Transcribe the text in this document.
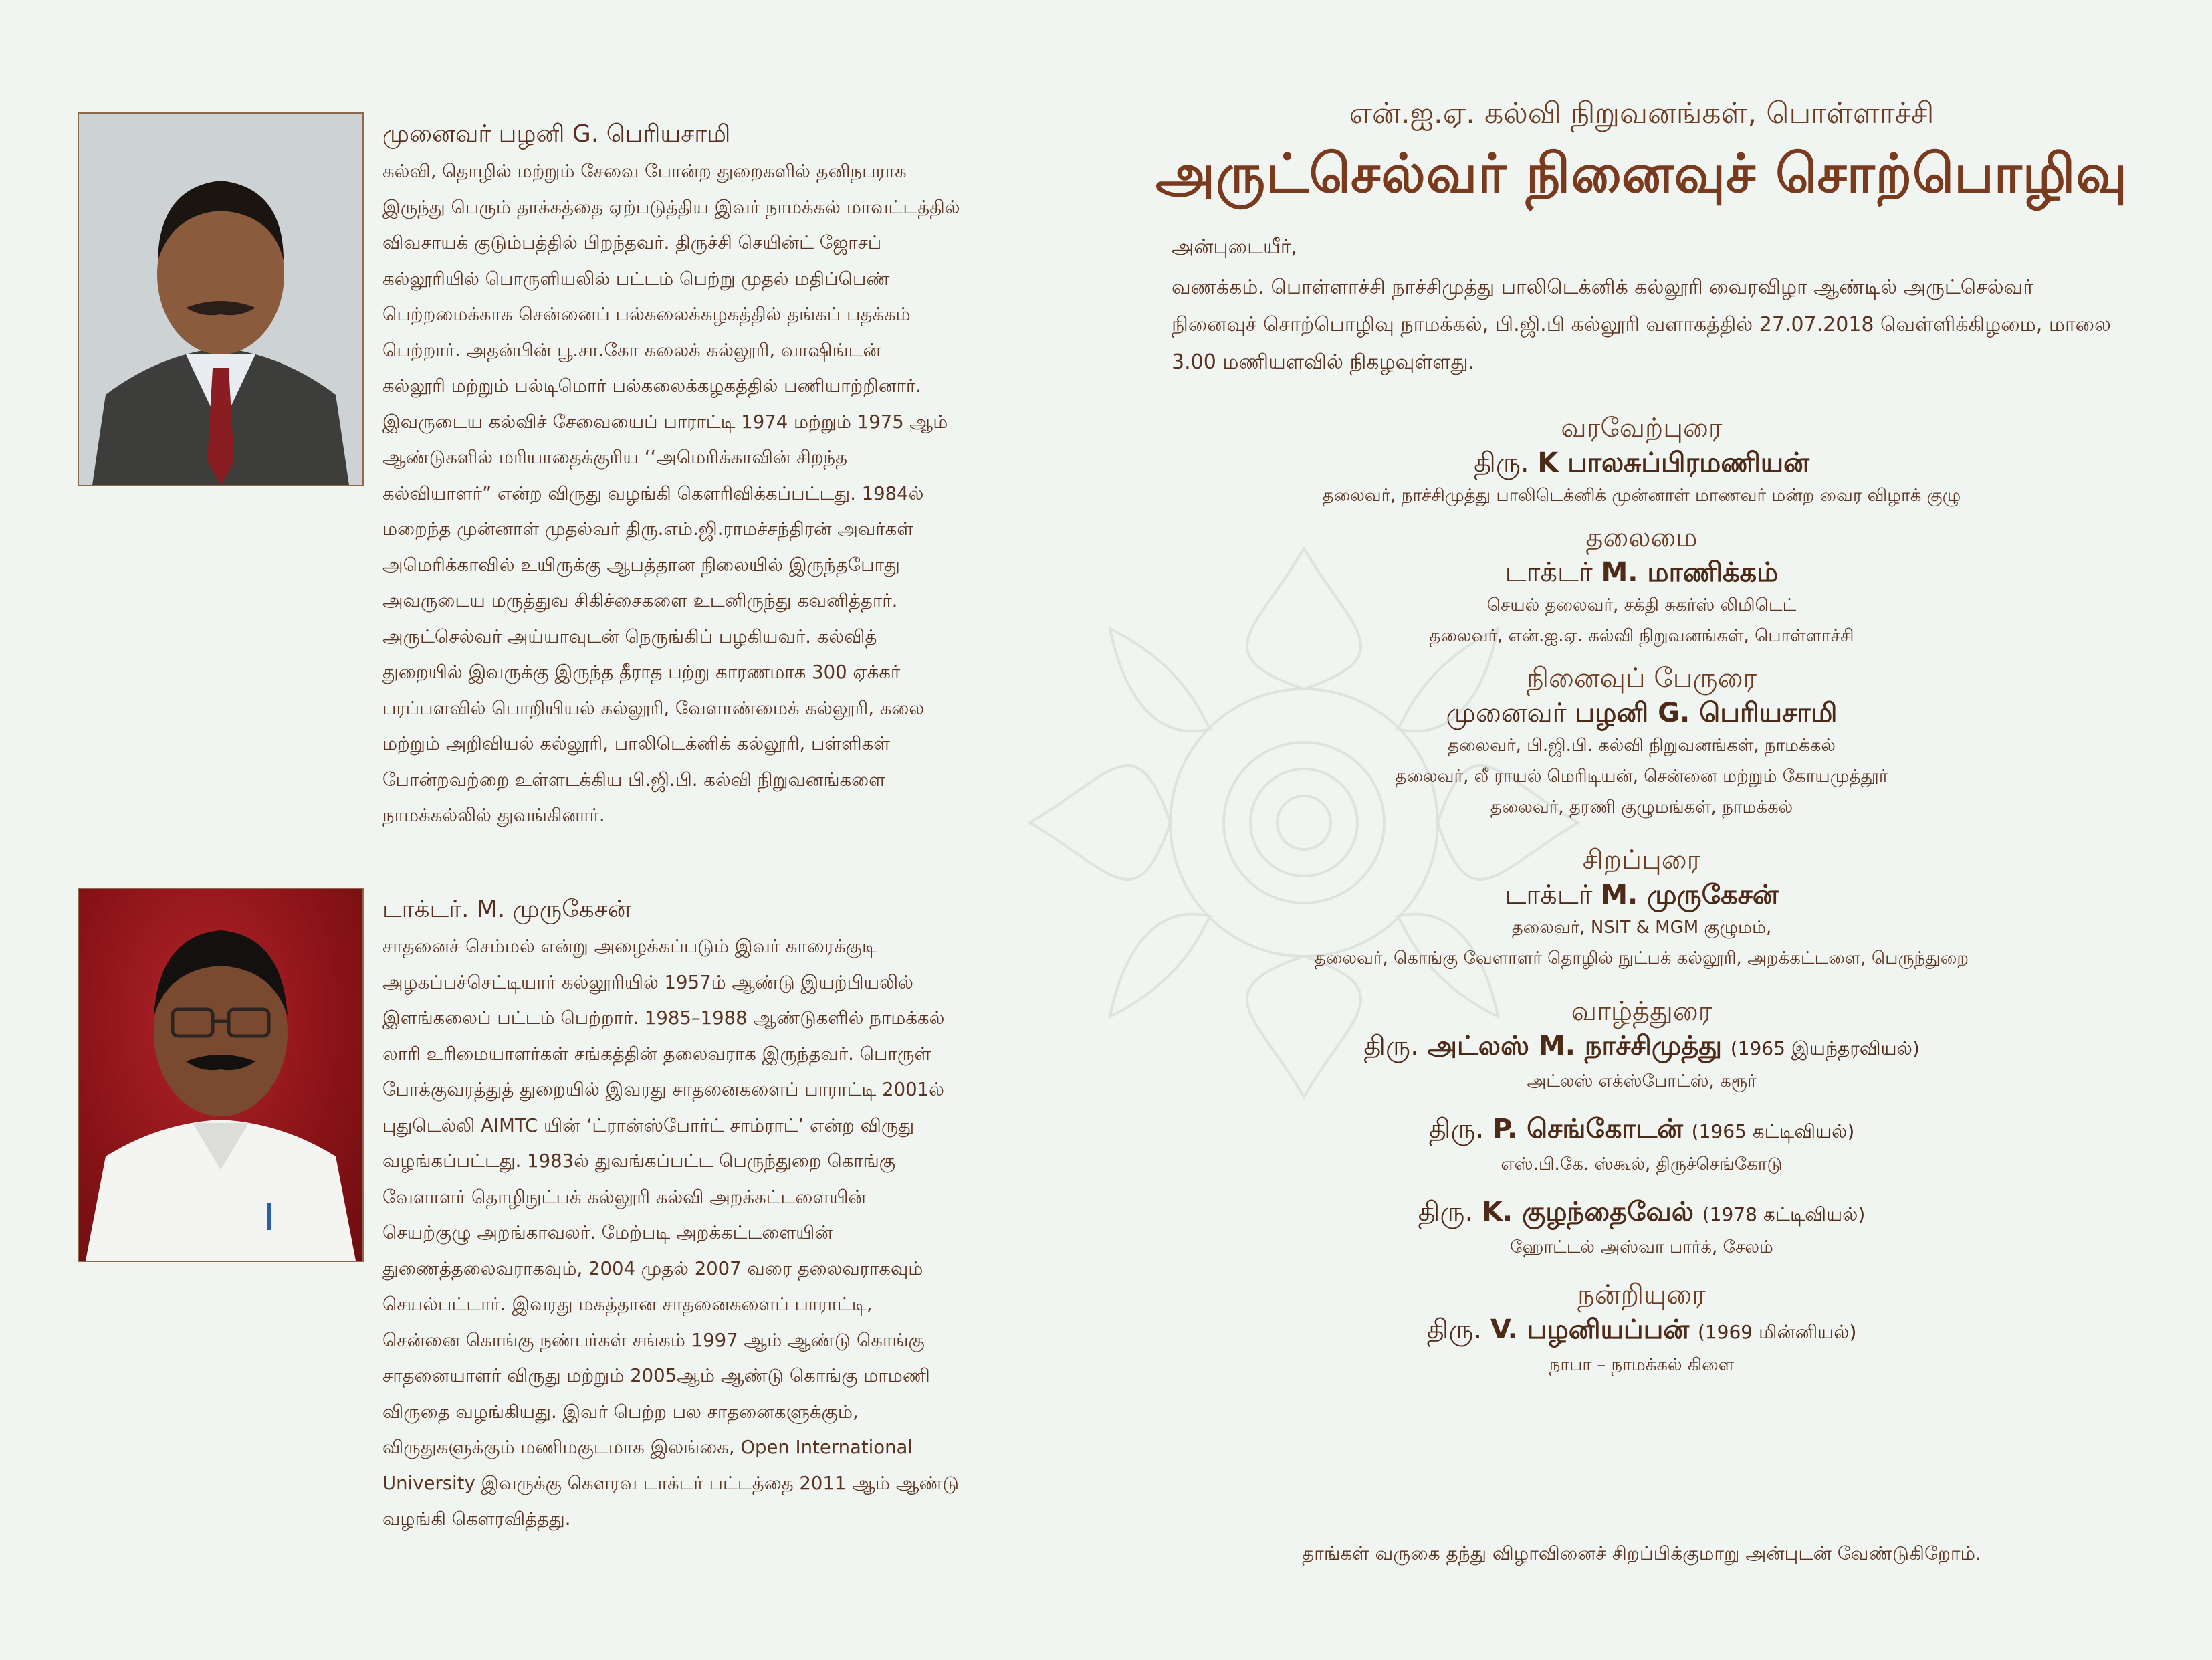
முனைவர் பழனி G. பெரியசாமி

கல்வி, தொழில் மற்றும் சேவை போன்ற துறைகளில் தனிநபராக
இருந்து பெரும் தாக்கத்தை ஏற்படுத்திய இவர் நாமக்கல் மாவட்டத்தில்
விவசாயக் குடும்பத்தில் பிறந்தவர். திருச்சி செயின்ட் ஜோசப்
கல்லூரியில் பொருளியலில் பட்டம் பெற்று முதல் மதிப்பெண்
பெற்றமைக்காக சென்னைப் பல்கலைக்கழகத்தில் தங்கப் பதக்கம்
பெற்றார். அதன்பின் பூ.சா.கோ கலைக் கல்லூரி, வாஷிங்டன்
கல்லூரி மற்றும் பல்டிமொர் பல்கலைக்கழகத்தில் பணியாற்றினார்.
இவருடைய கல்விச் சேவையைப் பாராட்டி 1974 மற்றும் 1975 ஆம்
ஆண்டுகளில் மரியாதைக்குரிய ‘‘அமெரிக்காவின் சிறந்த
கல்வியாளர்” என்ற விருது வழங்கி கௌரிவிக்கப்பட்டது. 1984ல்
மறைந்த முன்னாள் முதல்வர் திரு.எம்.ஜி.ராமச்சந்திரன் அவர்கள்
அமெரிக்காவில் உயிருக்கு ஆபத்தான நிலையில் இருந்தபோது
அவருடைய மருத்துவ சிகிச்சைகளை உடனிருந்து கவனித்தார்.
அருட்செல்வர் அய்யாவுடன் நெருங்கிப் பழகியவர். கல்வித்
துறையில் இவருக்கு இருந்த தீராத பற்று காரணமாக 300 ஏக்கர்
பரப்பளவில் பொறியியல் கல்லூரி, வேளாண்மைக் கல்லூரி, கலை
மற்றும் அறிவியல் கல்லூரி, பாலிடெக்னிக் கல்லூரி, பள்ளிகள்
போன்றவற்றை உள்ளடக்கிய பி.ஜி.பி. கல்வி நிறுவனங்களை
நாமக்கல்லில் துவங்கினார்.

டாக்டர். M. முருகேசன்

சாதனைச் செம்மல் என்று அழைக்கப்படும் இவர் காரைக்குடி
அழகப்பச்செட்டியார் கல்லூரியில் 1957ம் ஆண்டு இயற்பியலில்
இளங்கலைப் பட்டம் பெற்றார். 1985–1988 ஆண்டுகளில் நாமக்கல்
லாரி உரிமையாளர்கள் சங்கத்தின் தலைவராக இருந்தவர். பொருள்
போக்குவரத்துத் துறையில் இவரது சாதனைகளைப் பாராட்டி 2001ல்
புதுடெல்லி AIMTC யின் ‘ட்ரான்ஸ்போர்ட் சாம்ராட்’ என்ற விருது
வழங்கப்பட்டது. 1983ல் துவங்கப்பட்ட பெருந்துறை கொங்கு
வேளாளர் தொழிநுட்பக் கல்லூரி கல்வி அறக்கட்டளையின்
செயற்குழு அறங்காவலர். மேற்படி அறக்கட்டளையின்
துணைத்தலைவராகவும், 2004 முதல் 2007 வரை தலைவராகவும்
செயல்பட்டார். இவரது மகத்தான சாதனைகளைப் பாராட்டி,
சென்னை கொங்கு நண்பர்கள் சங்கம் 1997 ஆம் ஆண்டு கொங்கு
சாதனையாளர் விருது மற்றும் 2005ஆம் ஆண்டு கொங்கு மாமணி
விருதை வழங்கியது. இவர் பெற்ற பல சாதனைகளுக்கும்,
விருதுகளுக்கும் மணிமகுடமாக இலங்கை, Open International
University இவருக்கு கௌரவ டாக்டர் பட்டத்தை 2011 ஆம் ஆண்டு
வழங்கி கௌரவித்தது.

என்.ஐ.ஏ. கல்வி நிறுவனங்கள், பொள்ளாச்சி

அருட்செல்வர் நினைவுச் சொற்பொழிவு

அன்புடையீர்,

வணக்கம். பொள்ளாச்சி நாச்சிமுத்து பாலிடெக்னிக் கல்லூரி வைரவிழா ஆண்டில் அருட்செல்வர் நினைவுச் சொற்பொழிவு நாமக்கல், பி.ஜி.பி கல்லூரி வளாகத்தில் 27.07.2018 வெள்ளிக்கிழமை, மாலை 3.00 மணியளவில் நிகழவுள்ளது.

வரவேற்புரை

திரு. K பாலசுப்பிரமணியன்

தலைவர், நாச்சிமுத்து பாலிடெக்னிக் முன்னாள் மாணவர் மன்ற வைர விழாக் குழு

தலைமை

டாக்டர் M. மாணிக்கம்

செயல் தலைவர், சக்தி சுகர்ஸ் லிமிடெட்

தலைவர், என்.ஐ.ஏ. கல்வி நிறுவனங்கள், பொள்ளாச்சி

நினைவுப் பேருரை

முனைவர் பழனி G. பெரியசாமி

தலைவர், பி.ஜி.பி. கல்வி நிறுவனங்கள், நாமக்கல்

தலைவர், லீ ராயல் மெரிடியன், சென்னை மற்றும் கோயமுத்தூர்

தலைவர், தரணி குழுமங்கள், நாமக்கல்

சிறப்புரை

டாக்டர் M. முருகேசன்

தலைவர், NSIT & MGM குழுமம்,

தலைவர், கொங்கு வேளாளர் தொழில் நுட்பக் கல்லூரி, அறக்கட்டளை, பெருந்துறை

வாழ்த்துரை

திரு. அட்லஸ் M. நாச்சிமுத்து (1965 இயந்தரவியல்)

அட்லஸ் எக்ஸ்போட்ஸ், கரூர்

திரு. P. செங்கோடன் (1965 கட்டிவியல்)

எஸ்.பி.கே. ஸ்கூல், திருச்செங்கோடு

திரு. K. குழந்தைவேல் (1978 கட்டிவியல்)

ஹோட்டல் அஸ்வா பார்க், சேலம்

நன்றியுரை

திரு. V. பழனியப்பன் (1969 மின்னியல்)

நாபா – நாமக்கல் கிளை

தாங்கள் வருகை தந்து விழாவினைச் சிறப்பிக்குமாறு அன்புடன் வேண்டுகிறோம்.
